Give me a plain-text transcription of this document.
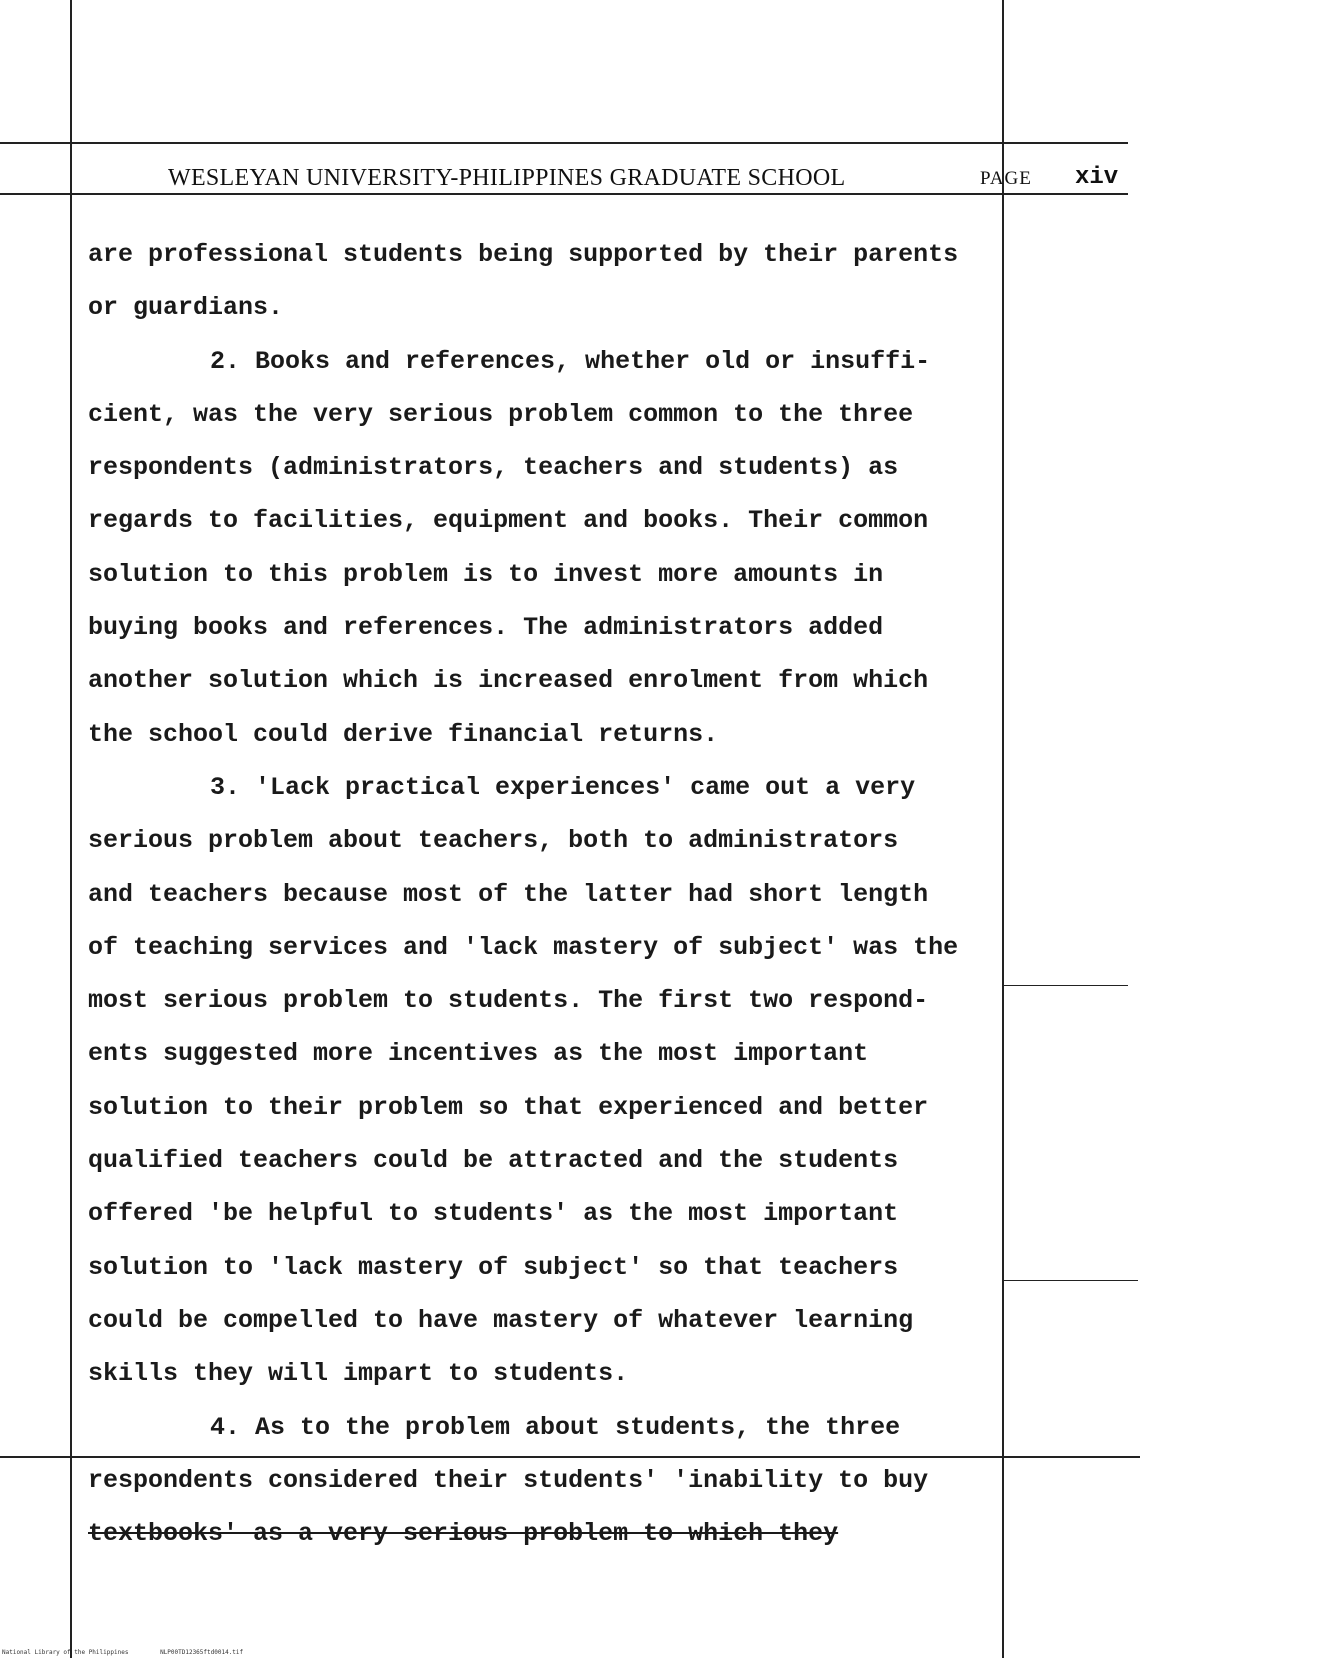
WESLEYAN UNIVERSITY-PHILIPPINES GRADUATE SCHOOL	PAGE xiv
are professional students being supported by their parents
or guardians.
2. Books and references, whether old or insuffi-
cient, was the very serious problem common to the three
respondents (administrators, teachers and students) as
regards to facilities, equipment and books. Their common
solution to this problem is to invest more amounts in
buying books and references. The administrators added
another solution which is increased enrolment from which
the school could derive financial returns.
3. 'Lack practical experiences' came out a very
serious problem about teachers, both to administrators
and teachers because most of the latter had short length
of teaching services and 'lack mastery of subject' was the
most serious problem to students. The first two respond-
ents suggested more incentives as the most important
solution to their problem so that experienced and better
qualified teachers could be attracted and the students
offered 'be helpful to students' as the most important
solution to 'lack mastery of subject' so that teachers
could be compelled to have mastery of whatever learning
skills they will impart to students.
4. As to the problem about students, the three
respondents considered their students' 'inability to buy
textbooks' as a very serious problem to which they
National Library of the Philippines	NLP00TD12365ftd0014.tif
